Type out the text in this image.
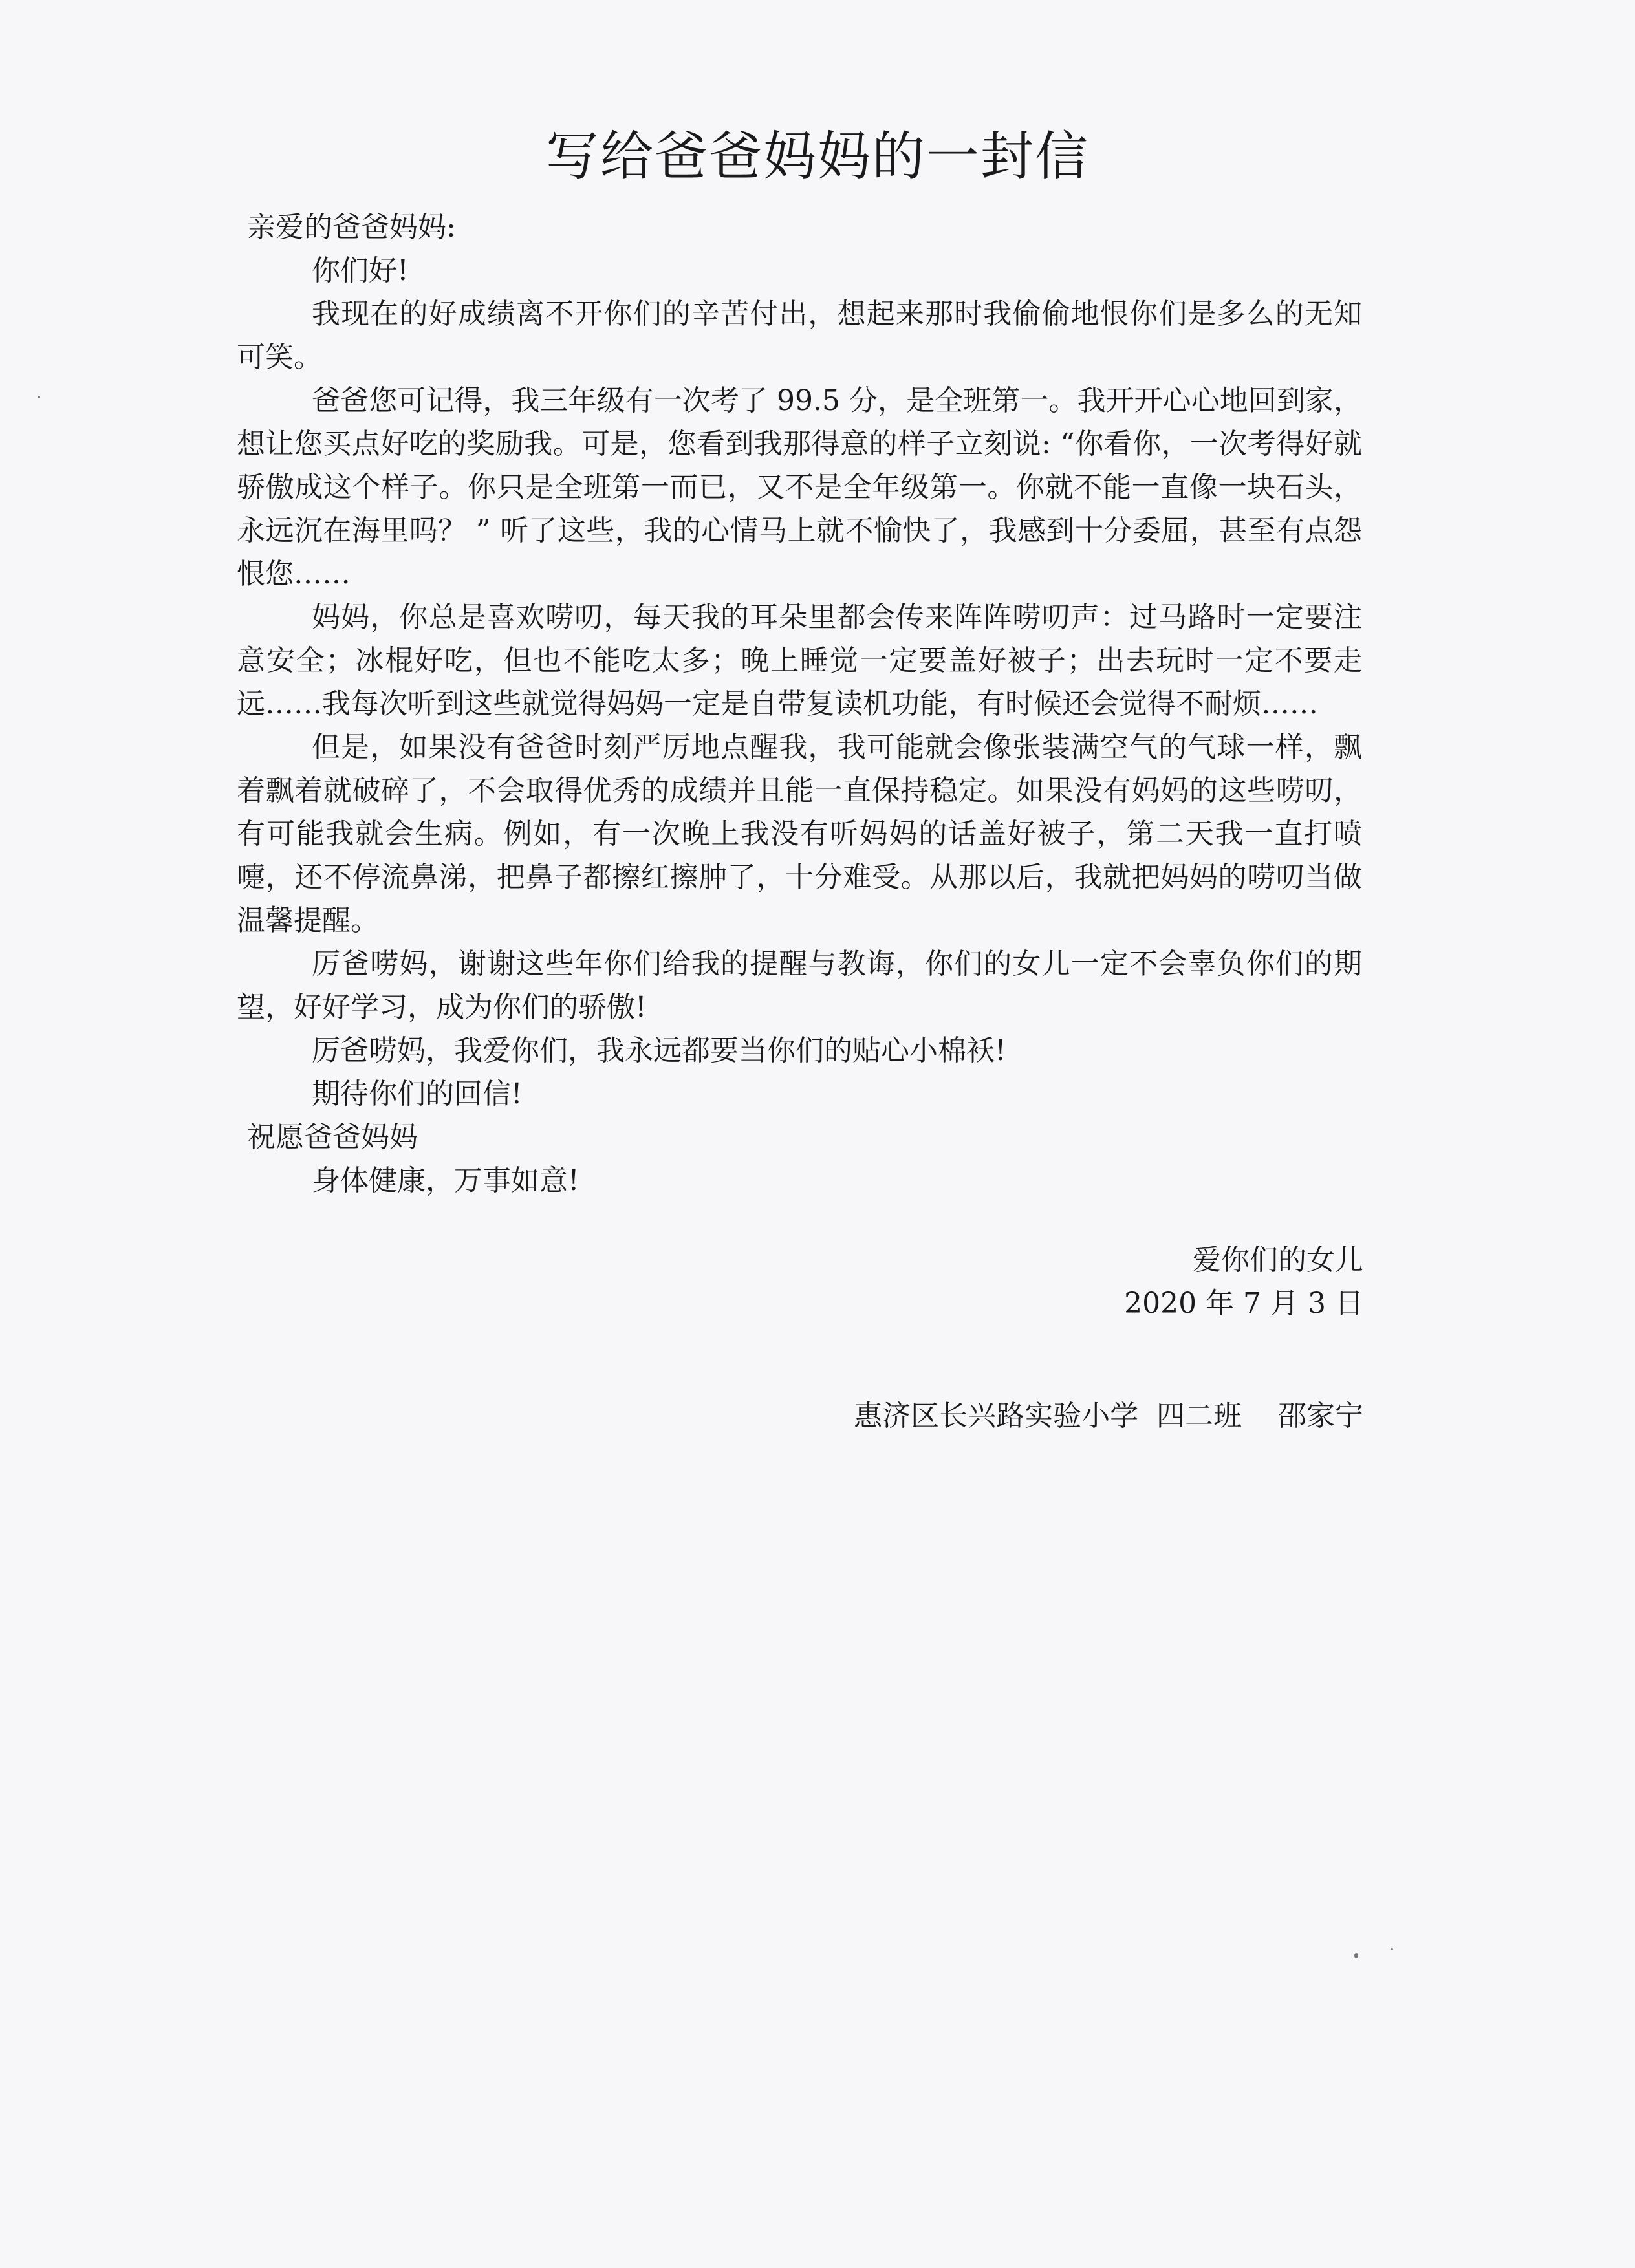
写给爸爸妈妈的一封信

亲爱的爸爸妈妈:

你们好!

我现在的好成绩离不开你们的辛苦付出，想起来那时我偷偷地恨你们是多么的无知可笑。

爸爸您可记得，我三年级有一次考了 99.5 分，是全班第一。我开开心心地回到家，想让您买点好吃的奖励我。可是，您看到我那得意的样子立刻说: “你看你，一次考得好就骄傲成这个样子。你只是全班第一而已，又不是全年级第一。你就不能一直像一块石头，永远沉在海里吗？ ” 听了这些，我的心情马上就不愉快了，我感到十分委屈，甚至有点怨恨您……

妈妈，你总是喜欢唠叨，每天我的耳朵里都会传来阵阵唠叨声：过马路时一定要注意安全；冰棍好吃，但也不能吃太多；晚上睡觉一定要盖好被子；出去玩时一定不要走远……我每次听到这些就觉得妈妈一定是自带复读机功能，有时候还会觉得不耐烦……

但是，如果没有爸爸时刻严厉地点醒我，我可能就会像张装满空气的气球一样，飘着飘着就破碎了，不会取得优秀的成绩并且能一直保持稳定。如果没有妈妈的这些唠叨，有可能我就会生病。例如，有一次晚上我没有听妈妈的话盖好被子，第二天我一直打喷嚏，还不停流鼻涕，把鼻子都擦红擦肿了，十分难受。从那以后，我就把妈妈的唠叨当做温馨提醒。

厉爸唠妈，谢谢这些年你们给我的提醒与教诲，你们的女儿一定不会辜负你们的期望，好好学习，成为你们的骄傲!

厉爸唠妈，我爱你们，我永远都要当你们的贴心小棉袄!

期待你们的回信!

祝愿爸爸妈妈

身体健康，万事如意!

爱你们的女儿
2020 年 7 月 3 日
惠济区长兴路实验小学  四二班    邵家宁
